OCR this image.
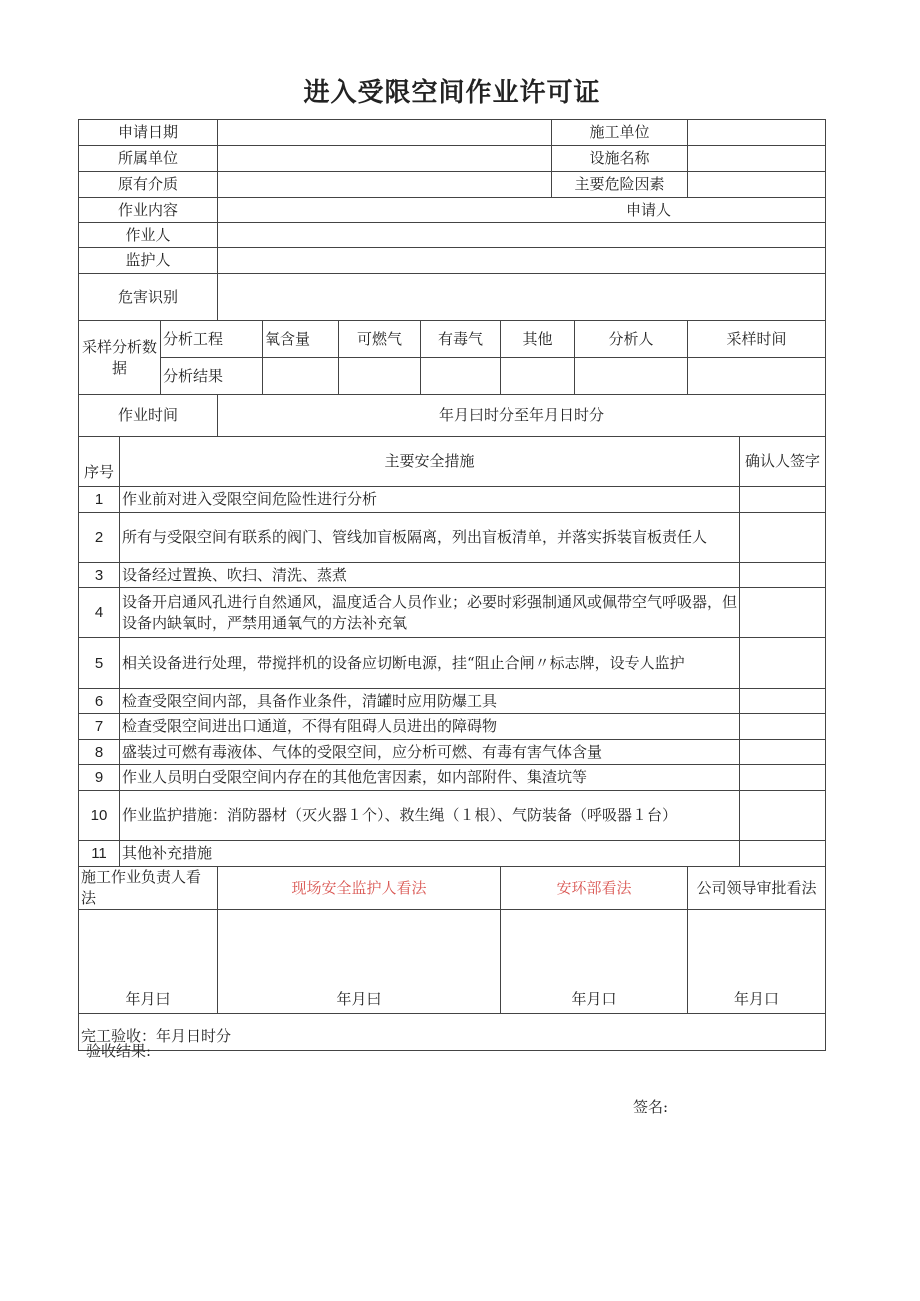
进入受限空间作业许可证
申请日期								施工单位			
所属单位								设施名称			
原有介质								主要危险因素			
作业内容			申请人								
作业人											
监护人											
危害识别											
采样分析数据		分析工程		氧含量	可燃气	有毒气	其他		分析人	采样时间	
		分析结果									
作业时间			年月曰时分至年月日时分								
序号	主要安全措施										确认人签字
1	作业前对进入受限空间危险性进行分析										
2	所有与受限空间有联系的阀门、管线加盲板隔离，列出盲板清单，并落实拆装盲板责任人										
3	设备经过置换、吹扫、清洗、蒸煮										
4	设备开启通风孔进行自然通风，温度适合人员作业；必要时彩强制通风或佩带空气呼吸器，但设备内缺氧时，严禁用通氧气的方法补充氧										
5	相关设备进行处理，带搅拌机的设备应切断电源，挂“阻止合闸〃标志牌，设专人监护										
6	检查受限空间内部，具备作业条件，清罐时应用防爆工具										
7	检查受限空间进出口通道，不得有阻碍人员进出的障碍物										
8	盛装过可燃有毒液体、气体的受限空间，应分析可燃、有毒有害气体含量										
9	作业人员明白受限空间内存在的其他危害因素，如内部附件、集渣坑等										
10	作业监护措施：消防器材（灭火器１个）、救生绳（１根）、气防装备（呼吸器１台）										
11	其他补充措施										
施工作业负责人看法			现场安全监护人看法				安环部看法			公司领导审批看法	
年月曰			年月曰				年月口			年月口	
完工验收：年月日时分											
验收结果:
签名:
